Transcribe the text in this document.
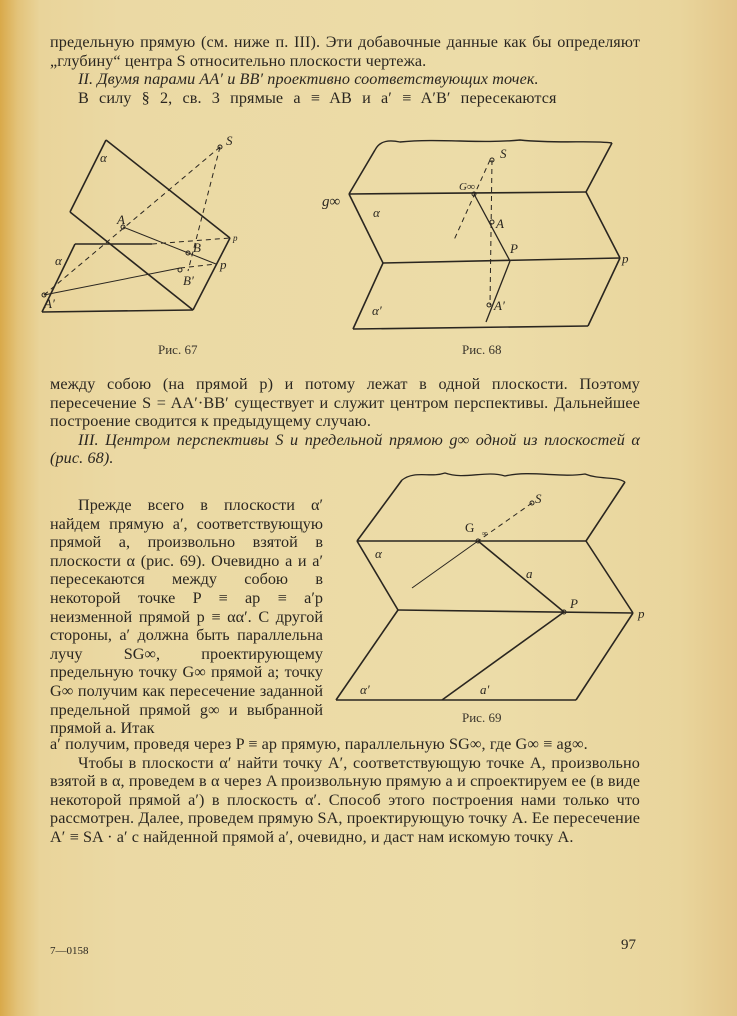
предельную прямую (см. ниже п. III). Эти добавочные данные как бы определяют „глубину“ центра S относительно плоскости чертежа.

II. Двумя парами AA′ и BB′ проективно соответствующих точек.

В силу § 2, св. 3 прямые a ≡ AB и a′ ≡ A′B′ пересекаются

α
α
S
A
B
B′
A′
p
p
Рис. 67
g∞
α
α′
S
G∞
A
P
p
A′
Рис. 68

между собою (на прямой p) и потому лежат в одной плоскости. Поэтому пересечение S = AA′·BB′ существует и служит центром перспективы. Дальнейшее построение сводится к предыдущему случаю.

III. Центром перспективы S и предельной прямою g∞ одной из плоскостей α (рис. 68).

Прежде всего в плоскости α′ найдем прямую a′, соответствующую прямой a, произвольно взятой в плоскости α (рис. 69). Очевидно a и a′ пересекаются между собою в некоторой точке P ≡ ap ≡ a′p неизменной прямой p ≡ αα′. С другой стороны, a′ должна быть параллельна лучу SG∞, проектирующему предельную точку G∞ прямой a; точку G∞ получим как пересечение заданной предельной прямой g∞ и выбранной прямой a. Итак

S
G ∞
α
a
P
p
α′	a′
Рис. 69

a′ получим, проведя через P ≡ ap прямую, параллельную SG∞, где G∞ ≡ ag∞.

Чтобы в плоскости α′ найти точку A′, соответствующую точке A, произвольно взятой в α, проведем в α через A произвольную прямую a и спроектируем ее (в виде некоторой прямой a′) в плоскость α′. Способ этого построения нами только что рассмотрен. Далее, проведем прямую SA, проектирующую точку A. Ее пересечение A′ ≡ SA · a′ с найденной прямой a′, очевидно, и даст нам искомую точку A.

7—0158	97
